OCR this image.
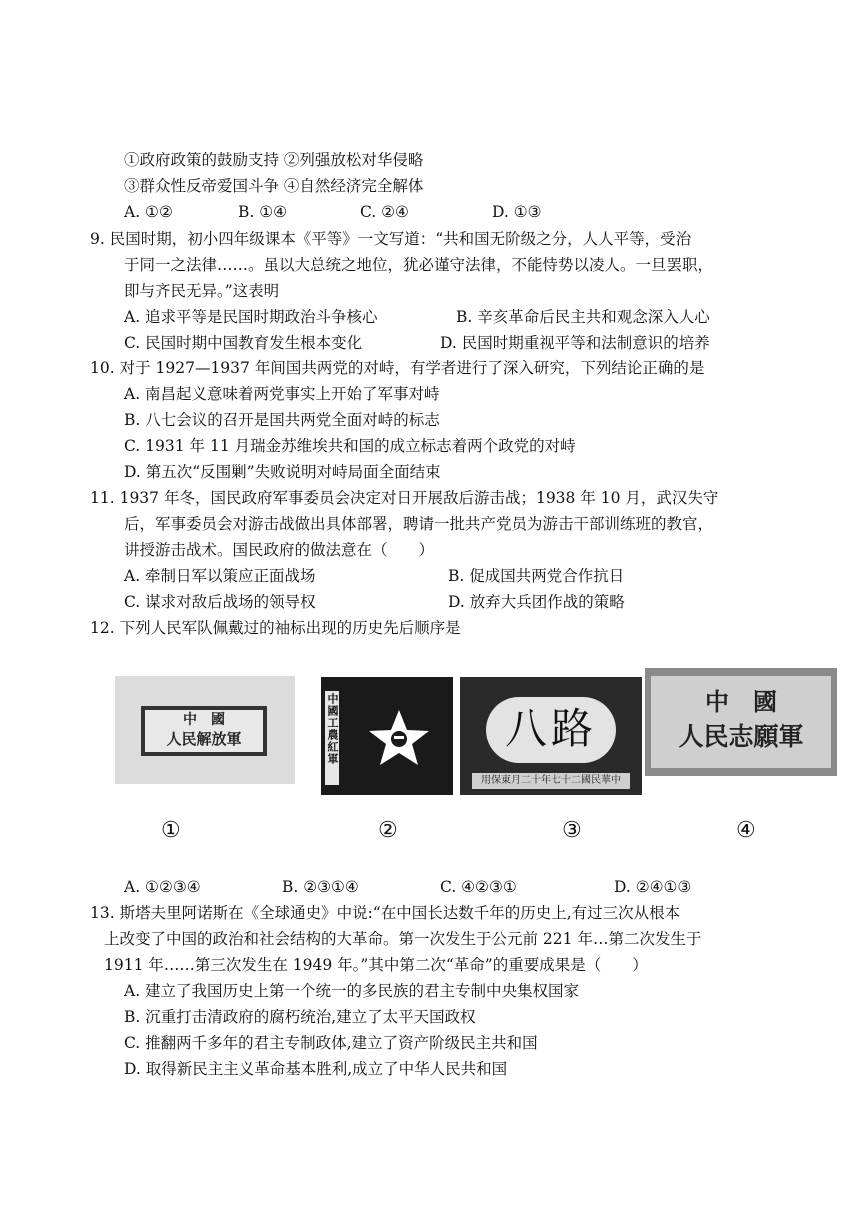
①政府政策的鼓励支持 ②列强放松对华侵略
③群众性反帝爱国斗争 ④自然经济完全解体
A. ①②	B. ①④	C. ②④	D. ①③
9. 民国时期，初小四年级课本《平等》一文写道：“共和国无阶级之分，人人平等，受治
于同一之法律……。虽以大总统之地位，犹必谨守法律，不能恃势以凌人。一旦罢职，
即与齐民无异。”这表明
A. 追求平等是民国时期政治斗争核心	B. 辛亥革命后民主共和观念深入人心
C. 民国时期中国教育发生根本变化	D. 民国时期重视平等和法制意识的培养
10. 对于 1927—1937 年间国共两党的对峙，有学者进行了深入研究，下列结论正确的是
A. 南昌起义意味着两党事实上开始了军事对峙
B. 八七会议的召开是国共两党全面对峙的标志
C. 1931 年 11 月瑞金苏维埃共和国的成立标志着两个政党的对峙
D. 第五次“反围剿”失败说明对峙局面全面结束
11. 1937 年冬，国民政府军事委员会决定对日开展敌后游击战；1938 年 10 月，武汉失守
后，军事委员会对游击战做出具体部署，聘请一批共产党员为游击干部训练班的教官，
讲授游击战术。国民政府的做法意在（　　）
A. 牵制日军以策应正面战场	B. 促成国共两党合作抗日
C. 谋求对敌后战场的领导权	D. 放弃大兵团作战的策略
12. 下列人民军队佩戴过的袖标出现的历史先后顺序是
中　國
人民解放軍	中國工農紅軍	八路
用保東月二十年七十二國民華中
中　國
人民志願軍
①	②	③	④
A. ①②③④	B. ②③①④	C. ④②③①	D. ②④①③
13. 斯塔夫里阿诺斯在《全球通史》中说:“在中国长达数千年的历史上,有过三次从根本
上改变了中国的政治和社会结构的大革命。第一次发生于公元前 221 年…第二次发生于
1911 年……第三次发生在 1949 年。”其中第二次“革命”的重要成果是（　　）
A. 建立了我国历史上第一个统一的多民族的君主专制中央集权国家
B. 沉重打击清政府的腐朽统治,建立了太平天国政权
C. 推翻两千多年的君主专制政体,建立了资产阶级民主共和国
D. 取得新民主主义革命基本胜利,成立了中华人民共和国
